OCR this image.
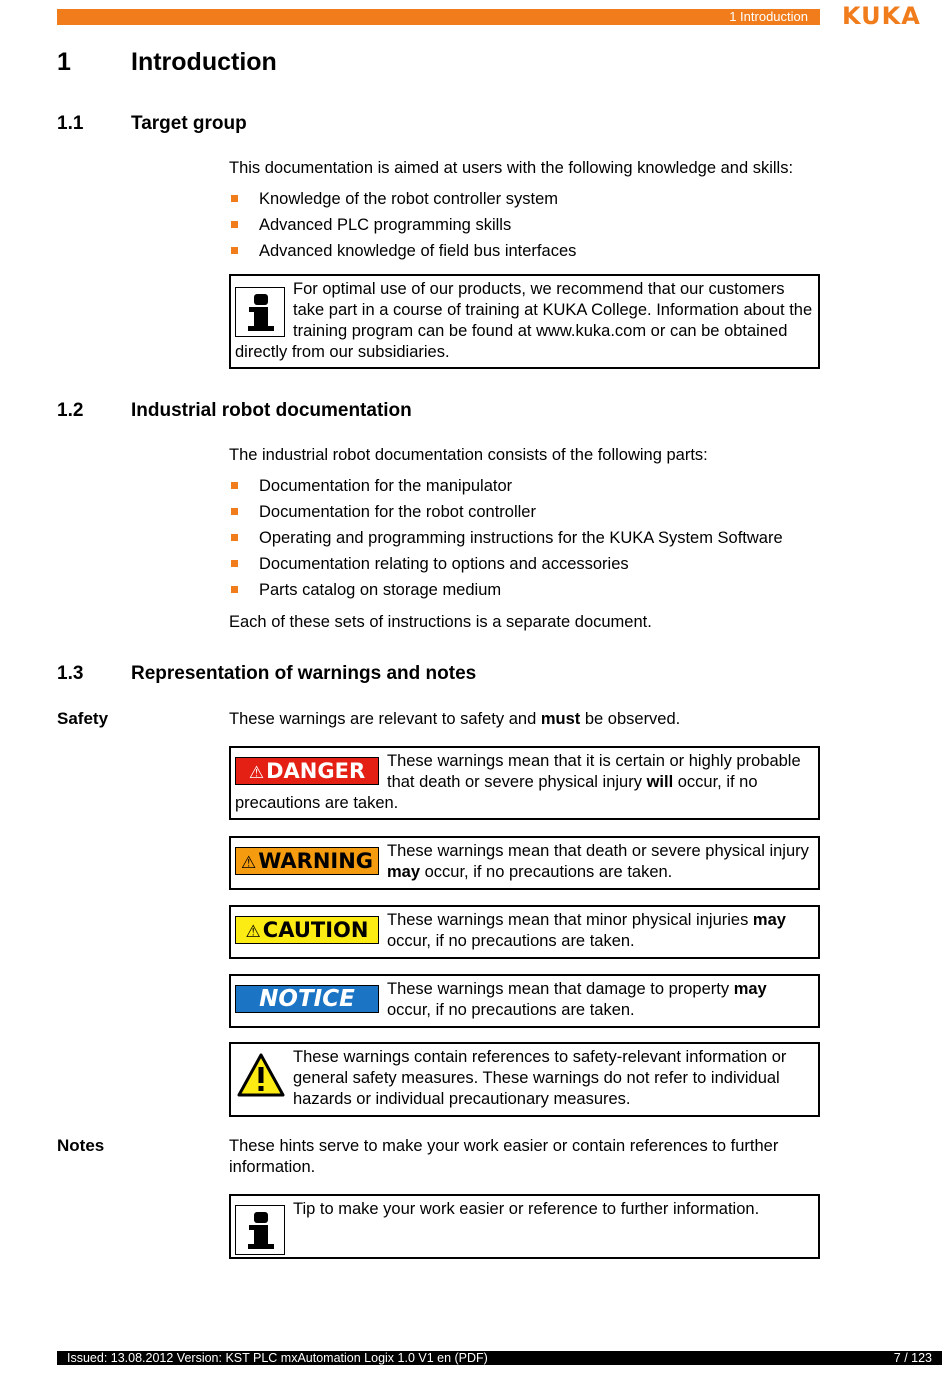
1 Introduction	KUKA
1 Introduction
1.1	Target group
This documentation is aimed at users with the following knowledge and skills:
Knowledge of the robot controller system
Advanced PLC programming skills
Advanced knowledge of field bus interfaces
For optimal use of our products, we recommend that our customers take part in a course of training at KUKA College. Information about the training program can be found at www.kuka.com or can be obtained directly from our subsidiaries.
1.2	Industrial robot documentation
The industrial robot documentation consists of the following parts:
Documentation for the manipulator
Documentation for the robot controller
Operating and programming instructions for the KUKA System Software
Documentation relating to options and accessories
Parts catalog on storage medium
Each of these sets of instructions is a separate document.
1.3	Representation of warnings and notes
Safety	These warnings are relevant to safety and must be observed.
⚠DANGER	These warnings mean that it is certain or highly probable that death or severe physical injury will occur, if no precautions are taken.
⚠WARNING These warnings mean that death or severe physical injury may occur, if no precautions are taken.
⚠CAUTION	These warnings mean that minor physical injuries may occur, if no precautions are taken.
NOTICE	These warnings mean that damage to property may occur, if no precautions are taken.
These warnings contain references to safety-relevant information or general safety measures. These warnings do not refer to individual hazards or individual precautionary measures.
Notes	These hints serve to make your work easier or contain references to further information.
Tip to make your work easier or reference to further information.
Issued: 13.08.2012 Version: KST PLC mxAutomation Logix 1.0 V1 en (PDF)	7 / 123
